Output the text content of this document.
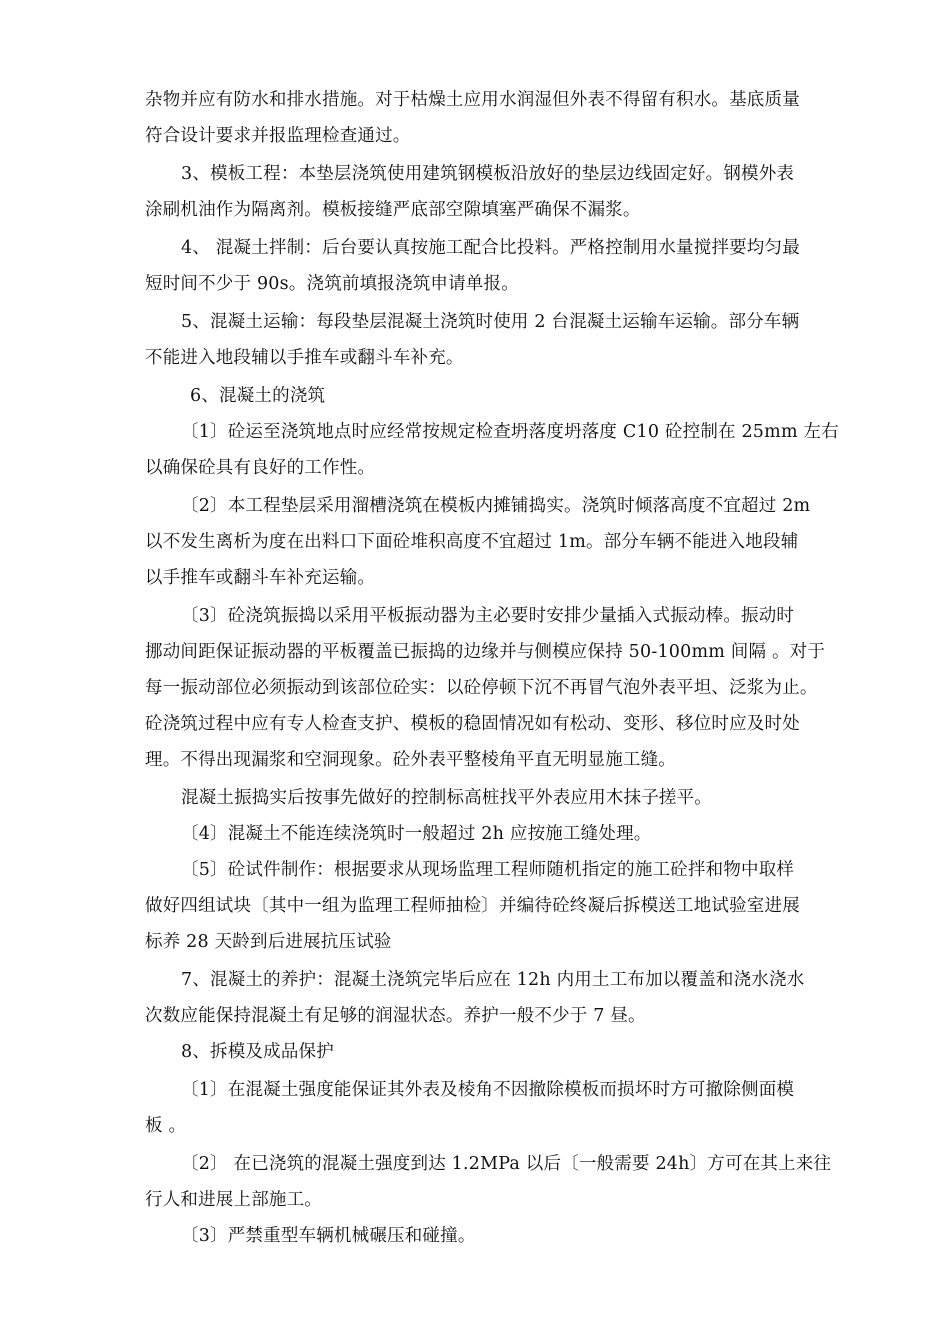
杂物并应有防水和排水措施。对于枯燥土应用水润湿但外表不得留有积水。基底质量
符合设计要求并报监理检查通过。
3、模板工程：本垫层浇筑使用建筑钢模板沿放好的垫层边线固定好。钢模外表
涂刷机油作为隔离剂。模板接缝严底部空隙填塞严确保不漏浆。
4、 混凝土拌制：后台要认真按施工配合比投料。严格控制用水量搅拌要均匀最
短时间不少于 90s。浇筑前填报浇筑申请单报。
5、混凝土运输：每段垫层混凝土浇筑时使用 2 台混凝土运输车运输。部分车辆
不能进入地段辅以手推车或翻斗车补充。
6、混凝土的浇筑
〔1〕砼运至浇筑地点时应经常按规定检查坍落度坍落度 C10 砼控制在 25mm 左右
以确保砼具有良好的工作性。
〔2〕本工程垫层采用溜槽浇筑在模板内摊铺捣实。浇筑时倾落高度不宜超过 2m
以不发生离析为度在出料口下面砼堆积高度不宜超过 1m。部分车辆不能进入地段辅
以手推车或翻斗车补充运输。
〔3〕砼浇筑振捣以采用平板振动器为主必要时安排少量插入式振动棒。振动时
挪动间距保证振动器的平板覆盖已振捣的边缘并与侧模应保持 50-100mm 间隔 。对于
每一振动部位必须振动到该部位砼实：以砼停顿下沉不再冒气泡外表平坦、泛浆为止。
砼浇筑过程中应有专人检查支护、模板的稳固情况如有松动、变形、移位时应及时处
理。不得出现漏浆和空洞现象。砼外表平整棱角平直无明显施工缝。
混凝土振捣实后按事先做好的控制标高桩找平外表应用木抹子搓平。
〔4〕混凝土不能连续浇筑时一般超过 2h 应按施工缝处理。
〔5〕砼试件制作：根据要求从现场监理工程师随机指定的施工砼拌和物中取样
做好四组试块〔其中一组为监理工程师抽检〕并编待砼终凝后拆模送工地试验室进展
标养 28 天龄到后进展抗压试验
7、混凝土的养护：混凝土浇筑完毕后应在 12h 内用土工布加以覆盖和浇水浇水
次数应能保持混凝土有足够的润湿状态。养护一般不少于 7 昼。
8、拆模及成品保护
〔1〕在混凝土强度能保证其外表及棱角不因撤除模板而损坏时方可撤除侧面模
板 。
〔2〕 在已浇筑的混凝土强度到达 1.2MPa 以后〔一般需要 24h〕方可在其上来往
行人和进展上部施工。
〔3〕严禁重型车辆机械碾压和碰撞。
